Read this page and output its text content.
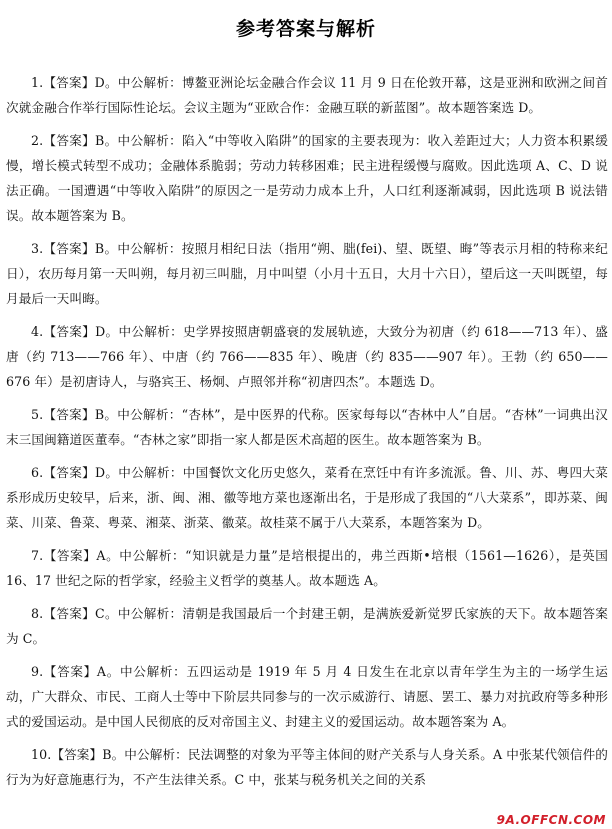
参考答案与解析

1.【答案】D。中公解析：博鳌亚洲论坛金融合作会议 11 月 9 日在伦敦开幕，这是亚洲和欧洲之间首次就金融合作举行国际性论坛。会议主题为“亚欧合作：金融互联的新蓝图”。故本题答案选 D。

2.【答案】B。中公解析：陷入“中等收入陷阱”的国家的主要表现为：收入差距过大；人力资本积累缓慢，增长模式转型不成功；金融体系脆弱；劳动力转移困难；民主进程缓慢与腐败。因此选项 A、C、D 说法正确。一国遭遇“中等收入陷阱”的原因之一是劳动力成本上升，人口红利逐渐减弱，因此选项 B 说法错误。故本题答案为 B。

3.【答案】B。中公解析：按照月相纪日法（指用“朔、朏(fei)、望、既望、晦”等表示月相的特称来纪日），农历每月第一天叫朔，每月初三叫朏，月中叫望（小月十五日，大月十六日），望后这一天叫既望，每月最后一天叫晦。

4.【答案】D。中公解析：史学界按照唐朝盛衰的发展轨迹，大致分为初唐（约 618——713 年）、盛唐（约 713——766 年）、中唐（约 766——835 年）、晚唐（约 835——907 年）。王勃（约 650——676 年）是初唐诗人，与骆宾王、杨炯、卢照邻并称“初唐四杰”。本题选 D。

5.【答案】B。中公解析：“杏林”，是中医界的代称。医家每每以“杏林中人”自居。“杏林”一词典出汉末三国闽籍道医董奉。“杏林之家”即指一家人都是医术高超的医生。故本题答案为 B。

6.【答案】D。中公解析：中国餐饮文化历史悠久，菜肴在烹饪中有许多流派。鲁、川、苏、粤四大菜系形成历史较早，后来，浙、闽、湘、徽等地方菜也逐渐出名，于是形成了我国的“八大菜系”，即苏菜、闽菜、川菜、鲁菜、粤菜、湘菜、浙菜、徽菜。故桂菜不属于八大菜系，本题答案为 D。

7.【答案】A。中公解析：“知识就是力量”是培根提出的，弗兰西斯•培根（1561—1626），是英国 16、17 世纪之际的哲学家，经验主义哲学的奠基人。故本题选 A。

8.【答案】C。中公解析：清朝是我国最后一个封建王朝，是满族爱新觉罗氏家族的天下。故本题答案为 C。

9.【答案】A。中公解析：五四运动是 1919 年 5 月 4 日发生在北京以青年学生为主的一场学生运动，广大群众、市民、工商人士等中下阶层共同参与的一次示威游行、请愿、罢工、暴力对抗政府等多种形式的爱国运动。是中国人民彻底的反对帝国主义、封建主义的爱国运动。故本题答案为 A。

10.【答案】B。中公解析：民法调整的对象为平等主体间的财产关系与人身关系。A 中张某代领信件的行为为好意施惠行为，不产生法律关系。C 中，张某与税务机关之间的关系

9A.OFFCN.COM
